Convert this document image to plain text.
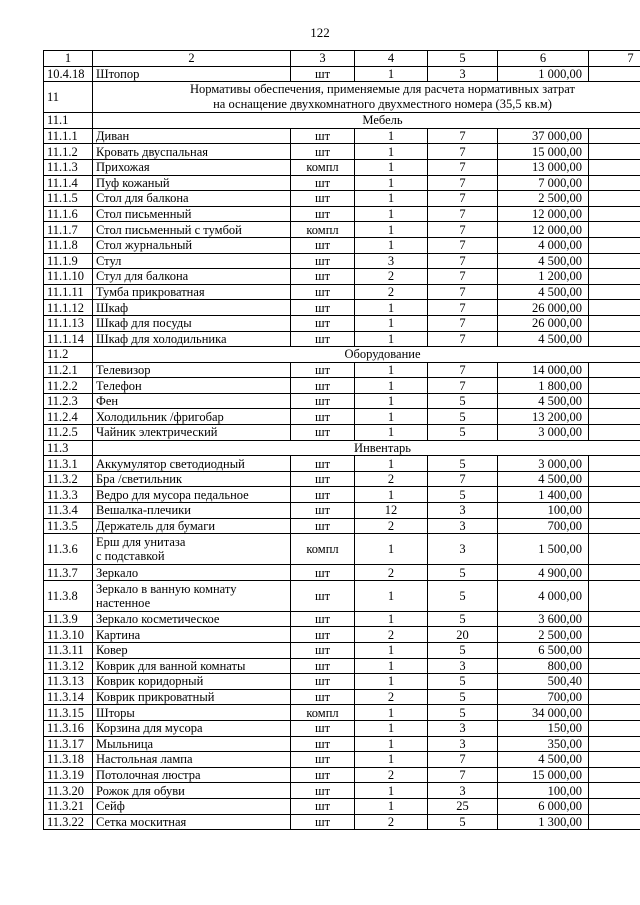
122
1	2	3	4	5	6	7
10.4.18	Штопор	шт	1	3	1 000,00	
11	Нормативы обеспечения, применяемые для расчета нормативных затрат
на оснащение двухкомнатного двухместного номера (35,5 кв.м)					
11.1	Мебель					
11.1.1	Диван	шт	1	7	37 000,00	
11.1.2	Кровать двуспальная	шт	1	7	15 000,00	
11.1.3	Прихожая	компл	1	7	13 000,00	
11.1.4	Пуф кожаный	шт	1	7	7 000,00	
11.1.5	Стол для балкона	шт	1	7	2 500,00	
11.1.6	Стол письменный	шт	1	7	12 000,00	
11.1.7	Стол письменный с тумбой	компл	1	7	12 000,00	
11.1.8	Стол журнальный	шт	1	7	4 000,00	
11.1.9	Стул	шт	3	7	4 500,00	
11.1.10	Стул для балкона	шт	2	7	1 200,00	
11.1.11	Тумба прикроватная	шт	2	7	4 500,00	
11.1.12	Шкаф	шт	1	7	26 000,00	
11.1.13	Шкаф для посуды	шт	1	7	26 000,00	
11.1.14	Шкаф для холодильника	шт	1	7	4 500,00	
11.2	Оборудование					
11.2.1	Телевизор	шт	1	7	14 000,00	
11.2.2	Телефон	шт	1	7	1 800,00	
11.2.3	Фен	шт	1	5	4 500,00	
11.2.4	Холодильник /фригобар	шт	1	5	13 200,00	
11.2.5	Чайник электрический	шт	1	5	3 000,00	
11.3	Инвентарь					
11.3.1	Аккумулятор светодиодный	шт	1	5	3 000,00	
11.3.2	Бра /светильник	шт	2	7	4 500,00	
11.3.3	Ведро для мусора педальное	шт	1	5	1 400,00	
11.3.4	Вешалка-плечики	шт	12	3	100,00	
11.3.5	Держатель для бумаги	шт	2	3	700,00	
11.3.6	Ерш для унитаза
с подставкой	компл	1	3	1 500,00	
11.3.7	Зеркало	шт	2	5	4 900,00	
11.3.8	Зеркало в ванную комнату
настенное	шт	1	5	4 000,00	
11.3.9	Зеркало косметическое	шт	1	5	3 600,00	
11.3.10	Картина	шт	2	20	2 500,00	
11.3.11	Ковер	шт	1	5	6 500,00	
11.3.12	Коврик для ванной комнаты	шт	1	3	800,00	
11.3.13	Коврик коридорный	шт	1	5	500,40	
11.3.14	Коврик прикроватный	шт	2	5	700,00	
11.3.15	Шторы	компл	1	5	34 000,00	
11.3.16	Корзина для мусора	шт	1	3	150,00	
11.3.17	Мыльница	шт	1	3	350,00	
11.3.18	Настольная лампа	шт	1	7	4 500,00	
11.3.19	Потолочная люстра	шт	2	7	15 000,00	
11.3.20	Рожок для обуви	шт	1	3	100,00	
11.3.21	Сейф	шт	1	25	6 000,00	
11.3.22	Сетка москитная	шт	2	5	1 300,00	
